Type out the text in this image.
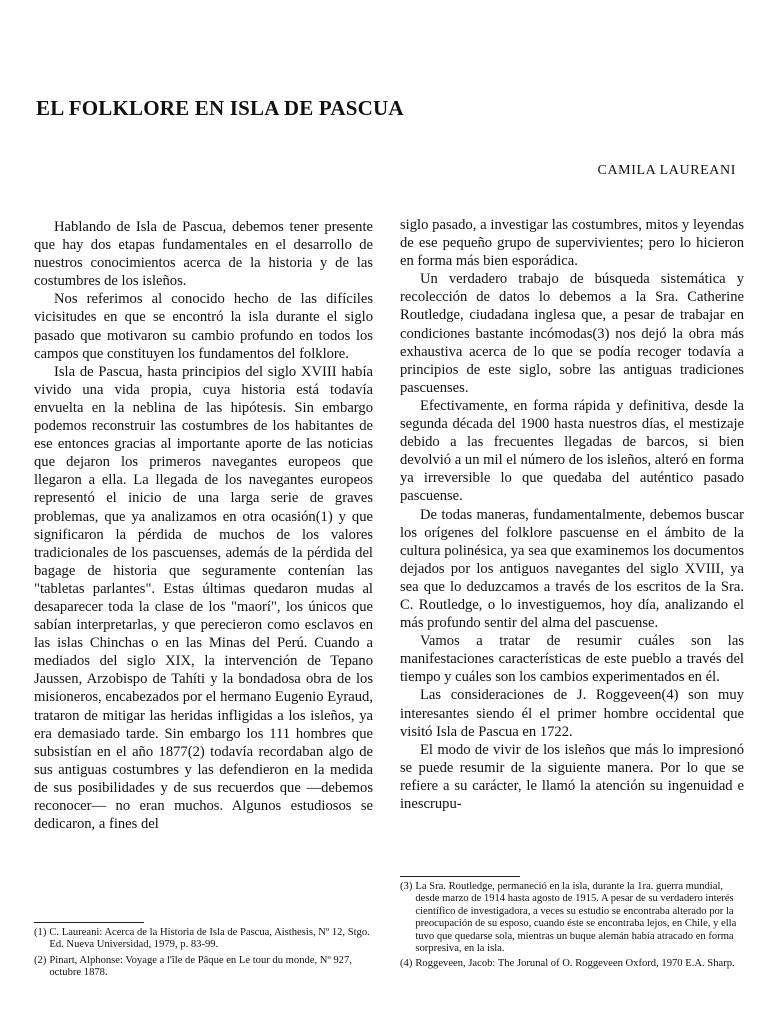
EL FOLKLORE EN ISLA DE PASCUA
CAMILA LAUREANI

Hablando de Isla de Pascua, debemos tener presente que hay dos etapas fundamentales en el desarrollo de nuestros conocimientos acerca de la historia y de las costumbres de los isleños.

Nos referimos al conocido hecho de las difíciles vicisitudes en que se encontró la isla durante el siglo pasado que motivaron su cambio profundo en todos los campos que constituyen los fundamentos del folklore.

Isla de Pascua, hasta principios del siglo XVIII había vivido una vida propia, cuya historia está todavía envuelta en la neblina de las hipótesis. Sin embargo podemos reconstruir las costumbres de los habitantes de ese entonces gracias al importante aporte de las noticias que dejaron los primeros navegantes europeos que llegaron a ella. La llegada de los navegantes europeos representó el inicio de una larga serie de graves problemas, que ya analizamos en otra ocasión(1) y que significaron la pérdida de muchos de los valores tradicionales de los pascuenses, además de la pérdida del bagage de historia que seguramente contenían las "tabletas parlantes". Estas últimas quedaron mudas al desaparecer toda la clase de los "maorí", los únicos que sabían interpretarlas, y que perecieron como esclavos en las islas Chinchas o en las Minas del Perú. Cuando a mediados del siglo XIX, la intervención de Tepano Jaussen, Arzobispo de Tahíti y la bondadosa obra de los misioneros, encabezados por el hermano Eugenio Eyraud, trataron de mitigar las heridas infligidas a los isleños, ya era demasiado tarde. Sin embargo los 111 hombres que subsistían en el año 1877(2) todavía recordaban algo de sus antiguas costumbres y las defendieron en la medida de sus posibilidades y de sus recuerdos que —debemos reconocer— no eran muchos. Algunos estudiosos se dedicaron, a fines del

siglo pasado, a investigar las costumbres, mitos y leyendas de ese pequeño grupo de supervivientes; pero lo hicieron en forma más bien esporádica.

Un verdadero trabajo de búsqueda sistemática y recolección de datos lo debemos a la Sra. Catherine Routledge, ciudadana inglesa que, a pesar de trabajar en condiciones bastante incómodas(3) nos dejó la obra más exhaustiva acerca de lo que se podía recoger todavía a principios de este siglo, sobre las antiguas tradiciones pascuenses.

Efectivamente, en forma rápida y definitiva, desde la segunda década del 1900 hasta nuestros días, el mestizaje debido a las frecuentes llegadas de barcos, si bien devolvió a un mil el número de los isleños, alteró en forma ya irreversible lo que quedaba del auténtico pasado pascuense.

De todas maneras, fundamentalmente, debemos buscar los orígenes del folklore pascuense en el ámbito de la cultura polinésica, ya sea que examinemos los documentos dejados por los antiguos navegantes del siglo XVIII, ya sea que lo deduzcamos a través de los escritos de la Sra. C. Routledge, o lo investiguemos, hoy día, analizando el más profundo sentir del alma del pascuense.

Vamos a tratar de resumir cuáles son las manifestaciones características de este pueblo a través del tiempo y cuáles son los cambios experimentados en él.

Las consideraciones de J. Roggeveen(4) son muy interesantes siendo él el primer hombre occidental que visitó Isla de Pascua en 1722.

El modo de vivir de los isleños que más lo impresionó se puede resumir de la siguiente manera. Por lo que se refiere a su carácter, le llamó la atención su ingenuidad e inescrupu-

(1) C. Laureani: Acerca de la Historia de Isla de Pascua, Aisthesis, Nº 12, Stgo. Ed. Nueva Universidad, 1979, p. 83-99.
(2) Pinart, Alphonse: Voyage a l'île de Pâque en Le tour du monde, Nº 927, octubre 1878.
(3) La Sra. Routledge, permaneció en la isla, durante la 1ra. guerra mundial, desde marzo de 1914 hasta agosto de 1915. A pesar de su verdadero interés científico de investigadora, a veces su estudio se encontraba alterado por la preocupación de su esposo, cuando éste se encontraba lejos, en Chile, y ella tuvo que quedarse sola, mientras un buque alemán había atracado en forma sorpresiva, en la isla.
(4) Roggeveen, Jacob: The Jorunal of O. Roggeveen Oxford, 1970 E.A. Sharp.
